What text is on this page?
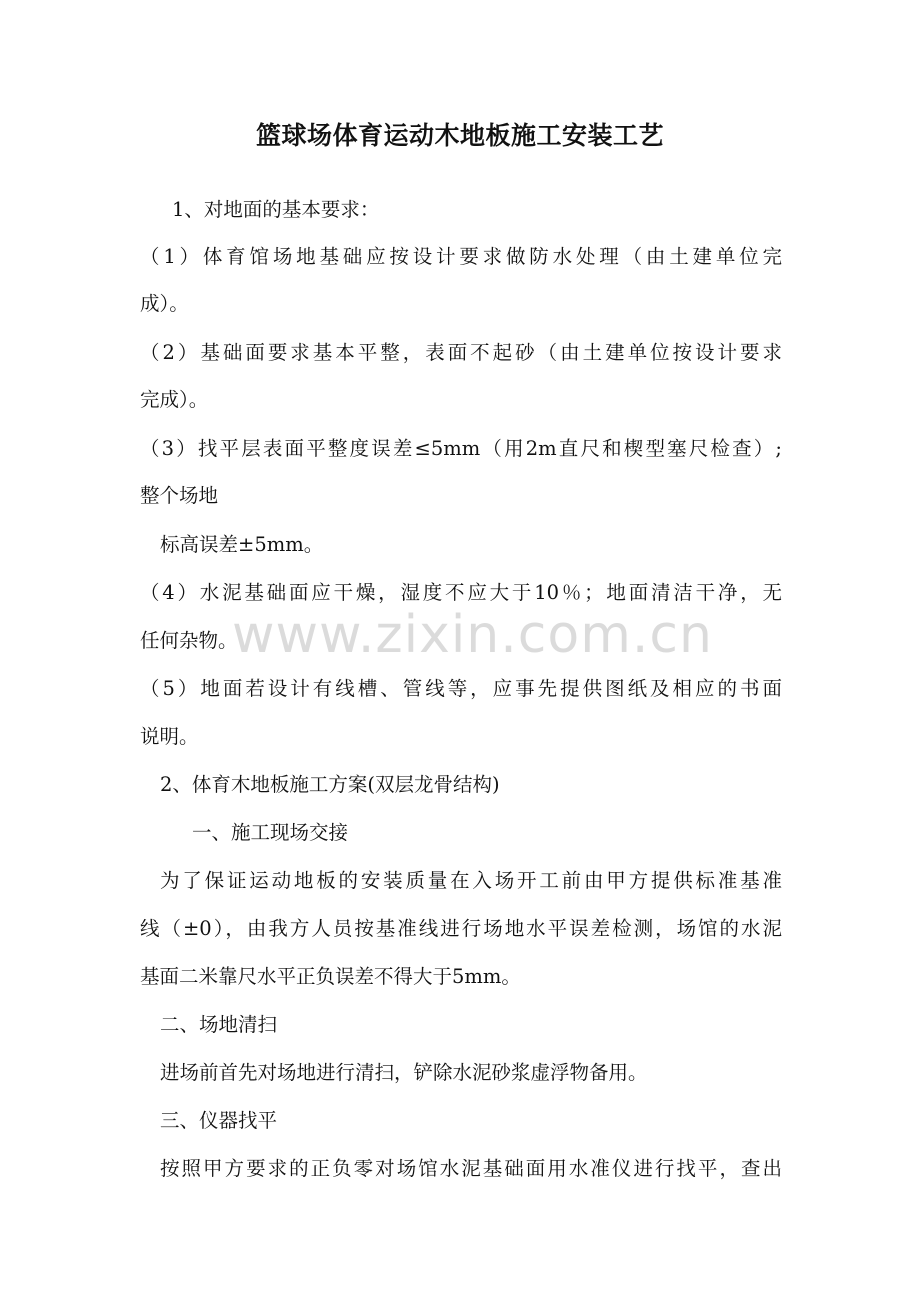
篮球场体育运动木地板施工安装工艺
1、对地面的基本要求：
（1）体育馆场地基础应按设计要求做防水处理（由土建单位完
成）。
（2）基础面要求基本平整，表面不起砂（由土建单位按设计要求
完成）。
（3）找平层表面平整度误差≤5mm（用2m直尺和楔型塞尺检查）;
整个场地
标高误差±5mm。
（4）水泥基础面应干燥，湿度不应大于10％；地面清洁干净，无
任何杂物。
（5）地面若设计有线槽、管线等，应事先提供图纸及相应的书面
说明。
2、体育木地板施工方案(双层龙骨结构)
一、施工现场交接
为了保证运动地板的安装质量在入场开工前由甲方提供标准基准
线（±0），由我方人员按基准线进行场地水平误差检测，场馆的水泥
基面二米靠尺水平正负误差不得大于5mm。
二、场地清扫
进场前首先对场地进行清扫，铲除水泥砂浆虚浮物备用。
三、仪器找平
按照甲方要求的正负零对场馆水泥基础面用水准仪进行找平，查出
www.zixin.com.cn
